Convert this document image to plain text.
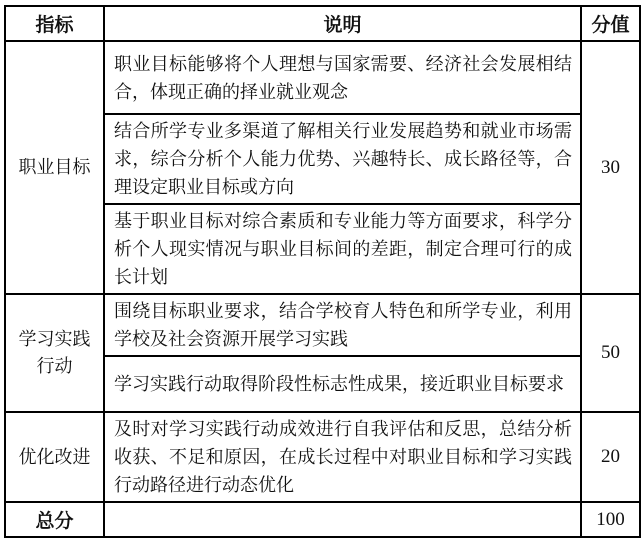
指标	说明	分值
职业目标	职业目标能够将个人理想与国家需要、经济社会发展相结合，体现正确的择业就业观念	30
	结合所学专业多渠道了解相关行业发展趋势和就业市场需求，综合分析个人能力优势、兴趣特长、成长路径等，合理设定职业目标或方向	
	基于职业目标对综合素质和专业能力等方面要求，科学分析个人现实情况与职业目标间的差距，制定合理可行的成长计划	
学习实践行动	围绕目标职业要求，结合学校育人特色和所学专业，利用学校及社会资源开展学习实践	50
	学习实践行动取得阶段性标志性成果，接近职业目标要求	
优化改进	及时对学习实践行动成效进行自我评估和反思，总结分析收获、不足和原因，在成长过程中对职业目标和学习实践行动路径进行动态优化	20
总分		100
